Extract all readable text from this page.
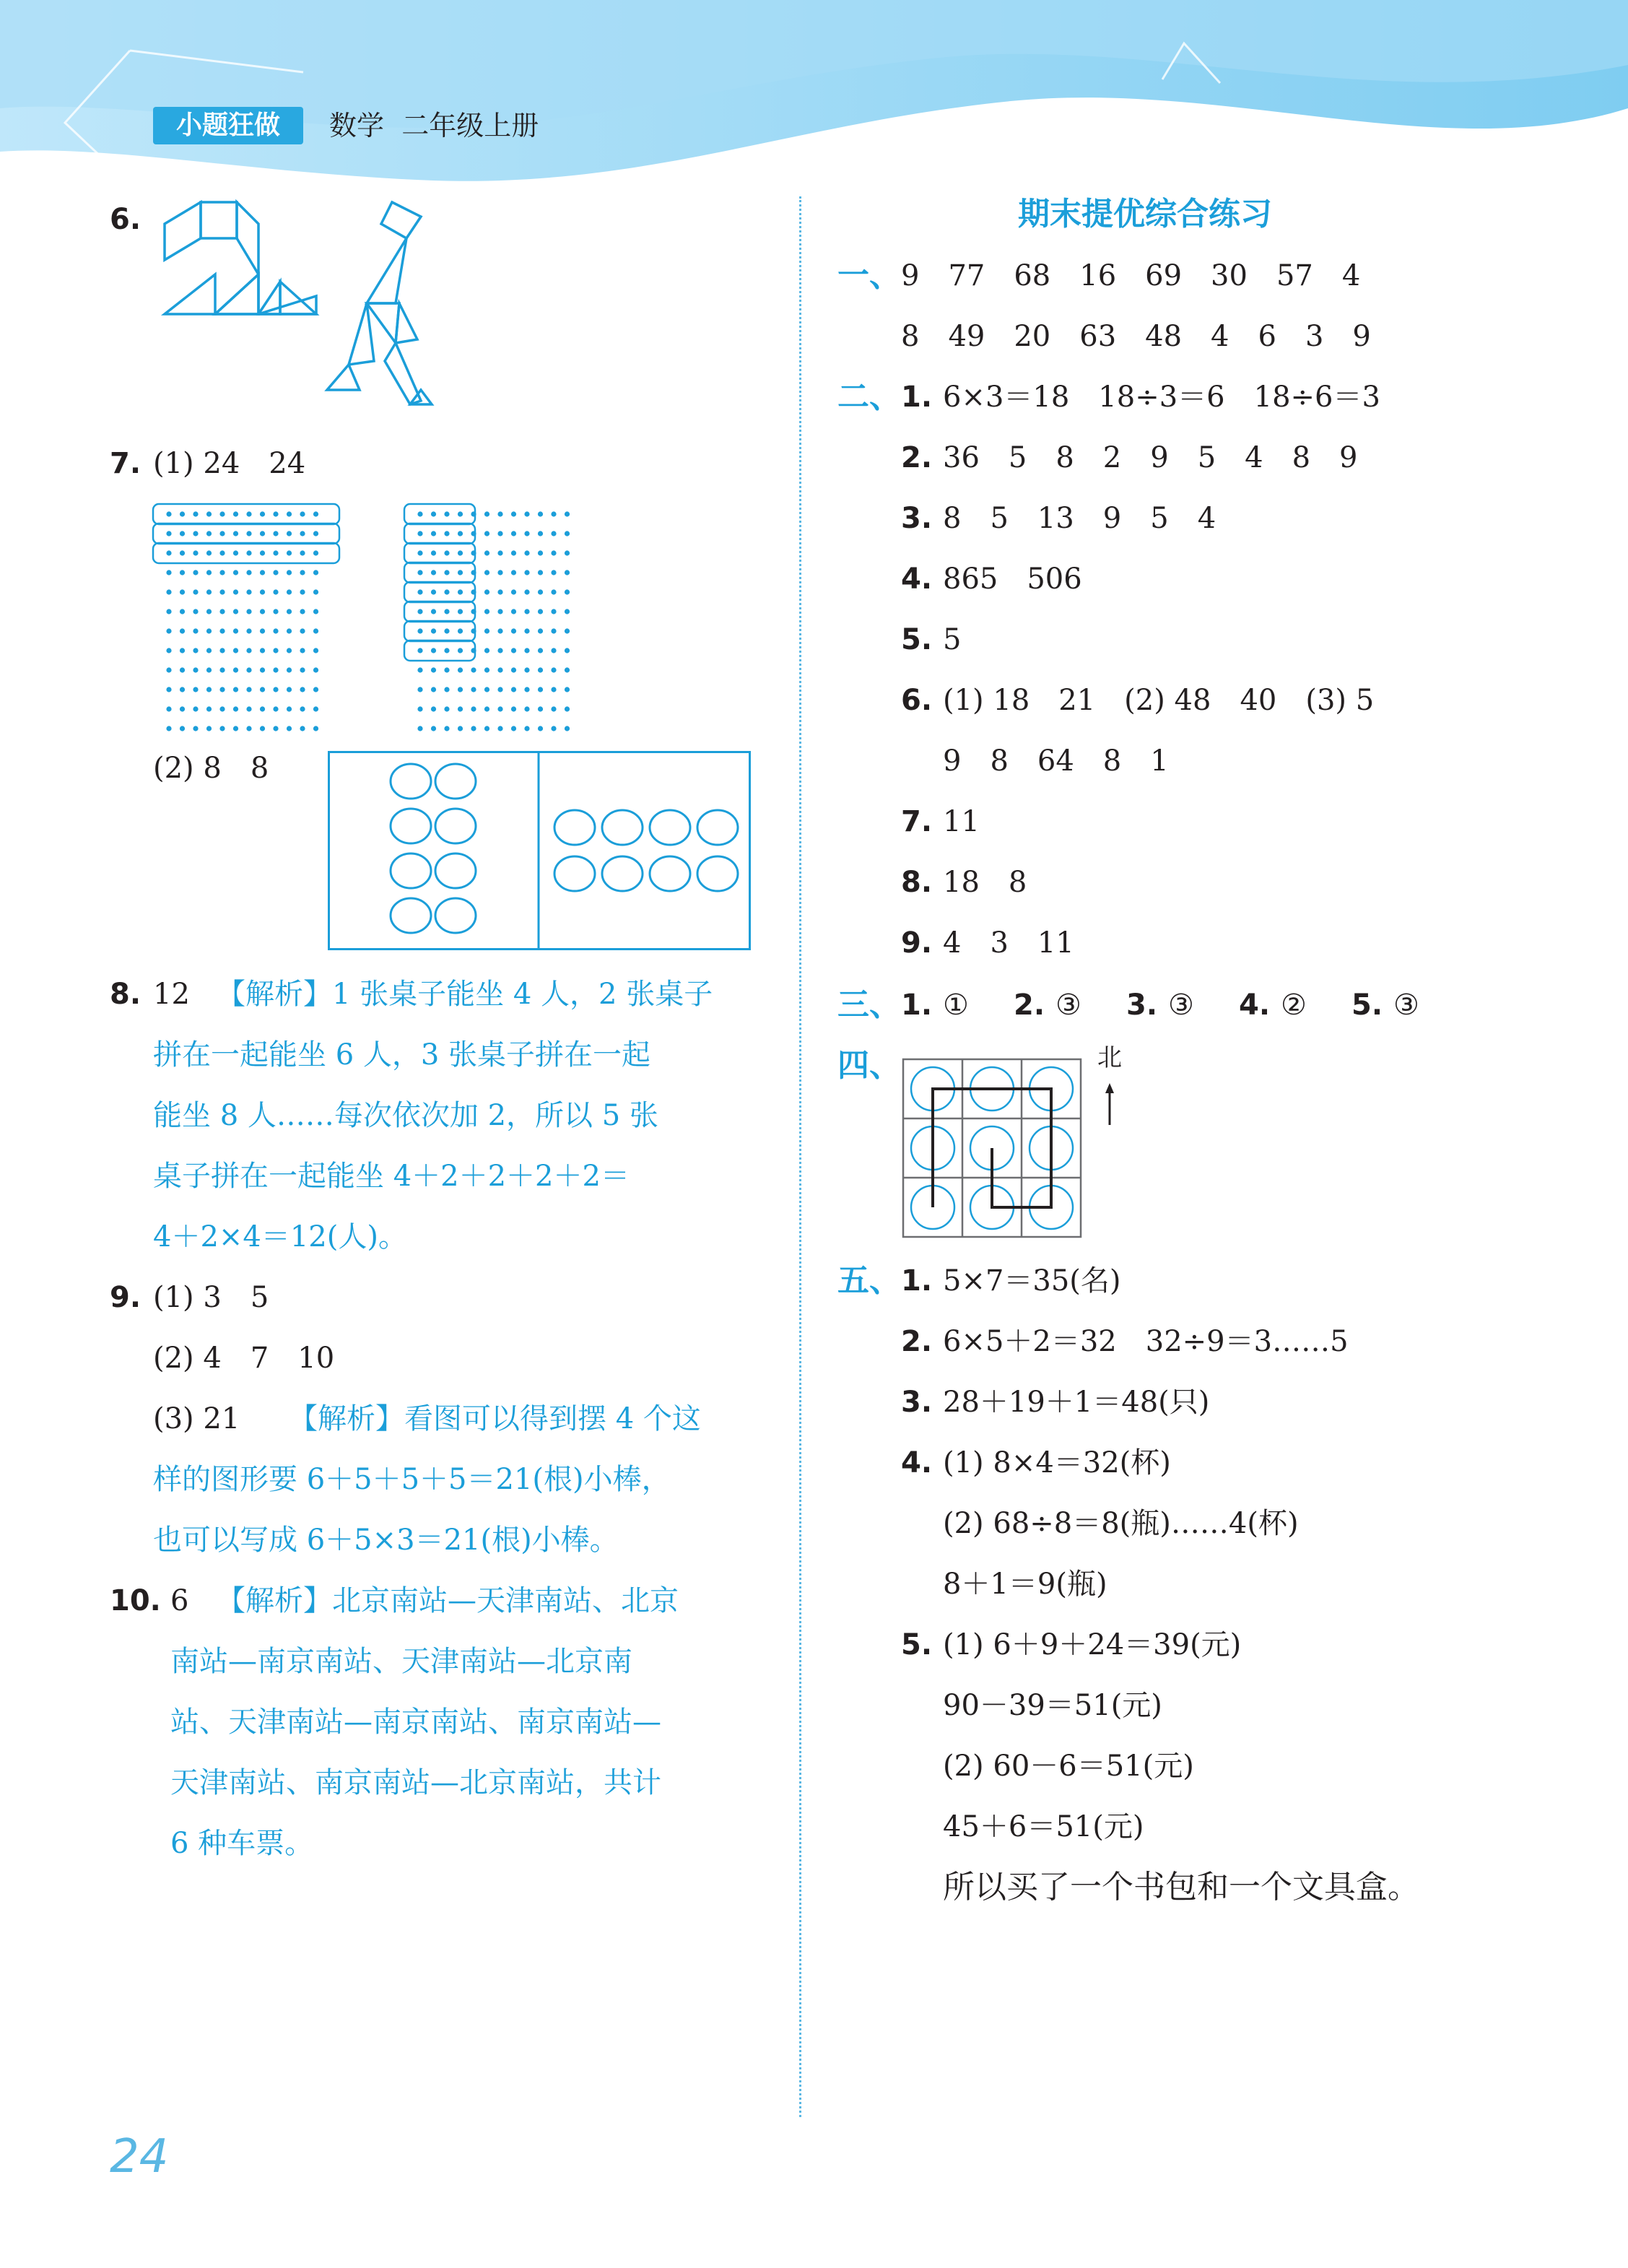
小题狂做	数学 二年级上册
6.
7. (1) 24　24
(2) 8　8
8. 12 【解析】1 张桌子能坐 4 人，2 张桌子
拼在一起能坐 6 人，3 张桌子拼在一起
能坐 8 人……每次依次加 2，所以 5 张
桌子拼在一起能坐 4＋2＋2＋2＋2＝
4＋2×4＝12(人)。
9. (1) 3　5
(2) 4　7　10
(3) 21 【解析】看图可以得到摆 4 个这
样的图形要 6＋5＋5＋5＝21(根)小棒，
也可以写成 6＋5×3＝21(根)小棒。
10. 6 【解析】北京南站—天津南站、北京
南站—南京南站、天津南站—北京南
站、天津南站—南京南站、南京南站—
天津南站、南京南站—北京南站，共计
6 种车票。
期末提优综合练习
一、 9　77　68　16　69　30　57　4
8　49　20　63　48　4　6　3　9
二、 1. 6×3＝18　18÷3＝6　18÷6＝3
2. 36　5　8　2　9　5　4　8　9
3. 8　5　13　9　5　4
4. 865　506
5. 5
6. (1) 18　21　(2) 48　40　(3) 5
9　8　64　8　1
7. 11
8. 18　8
9. 4　3　11
三、 1. ① 2. ③ 3. ③ 4. ② 5. ③
四、	北
五、 1. 5×7＝35(名)
2. 6×5＋2＝32　32÷9＝3……5
3. 28＋19＋1＝48(只)
4. (1) 8×4＝32(杯)
(2) 68÷8＝8(瓶)……4(杯)
8＋1＝9(瓶)
5. (1) 6＋9＋24＝39(元)
90－39＝51(元)
(2) 60－6＝51(元)
45＋6＝51(元)
所以买了一个书包和一个文具盒。
24
